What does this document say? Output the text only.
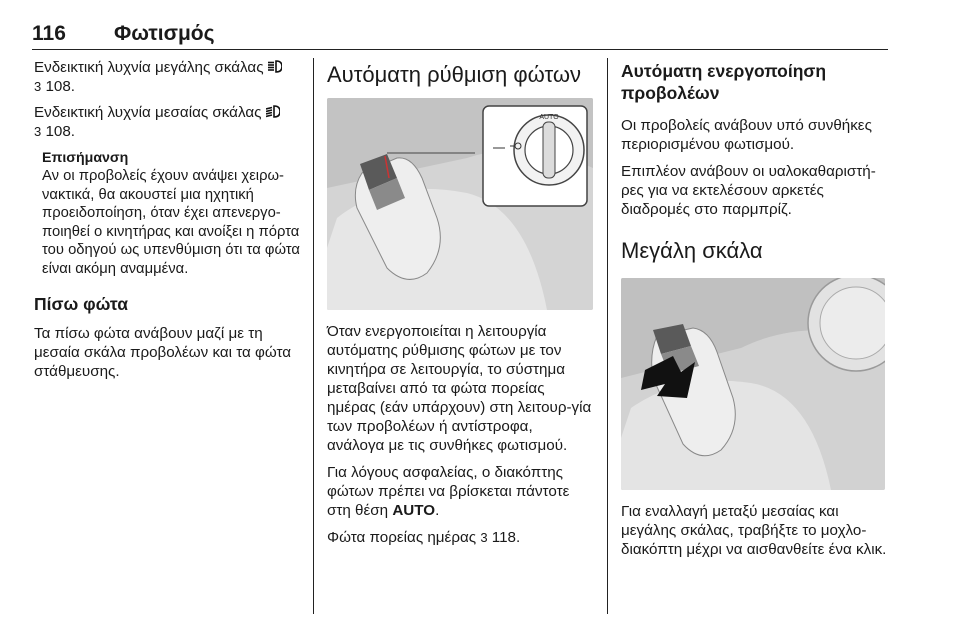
116 Φωτισμός

Ενδεικτική λυχνία μεγάλης σκάλας
3 108.

Ενδεικτική λυχνία μεσαίας σκάλας
3 108.

Επισήμανση

Αν οι προβολείς έχουν ανάψει χειρω-νακτικά, θα ακουστεί μια ηχητική προειδοποίηση, όταν έχει απενεργο-ποιηθεί ο κινητήρας και ανοίξει η πόρτα του οδηγού ως υπενθύμιση ότι τα φώτα είναι ακόμη αναμμένα.

Πίσω φώτα

Τα πίσω φώτα ανάβουν μαζί με τη μεσαία σκάλα προβολέων και τα φώτα στάθμευσης.

Αυτόματη ρύθμιση φώτων
AUTO

Όταν ενεργοποιείται η λειτουργία αυτόματης ρύθμισης φώτων με τον κινητήρα σε λειτουργία, το σύστημα μεταβαίνει από τα φώτα πορείας ημέρας (εάν υπάρχουν) στη λειτουρ-γία των προβολέων ή αντίστροφα, ανάλογα με τις συνθήκες φωτισμού.

Για λόγους ασφαλείας, ο διακόπτης φώτων πρέπει να βρίσκεται πάντοτε στη θέση AUTO.

Φώτα πορείας ημέρας 3 118.

Αυτόματη ενεργοποίηση προβολέων

Οι προβολείς ανάβουν υπό συνθήκες περιορισμένου φωτισμού.

Επιπλέον ανάβουν οι υαλοκαθαριστή-ρες για να εκτελέσουν αρκετές διαδρομές στο παρμπρίζ.

Μεγάλη σκάλα

Για εναλλαγή μεταξύ μεσαίας και μεγάλης σκάλας, τραβήξτε το μοχλο-διακόπτη μέχρι να αισθανθείτε ένα κλικ.
